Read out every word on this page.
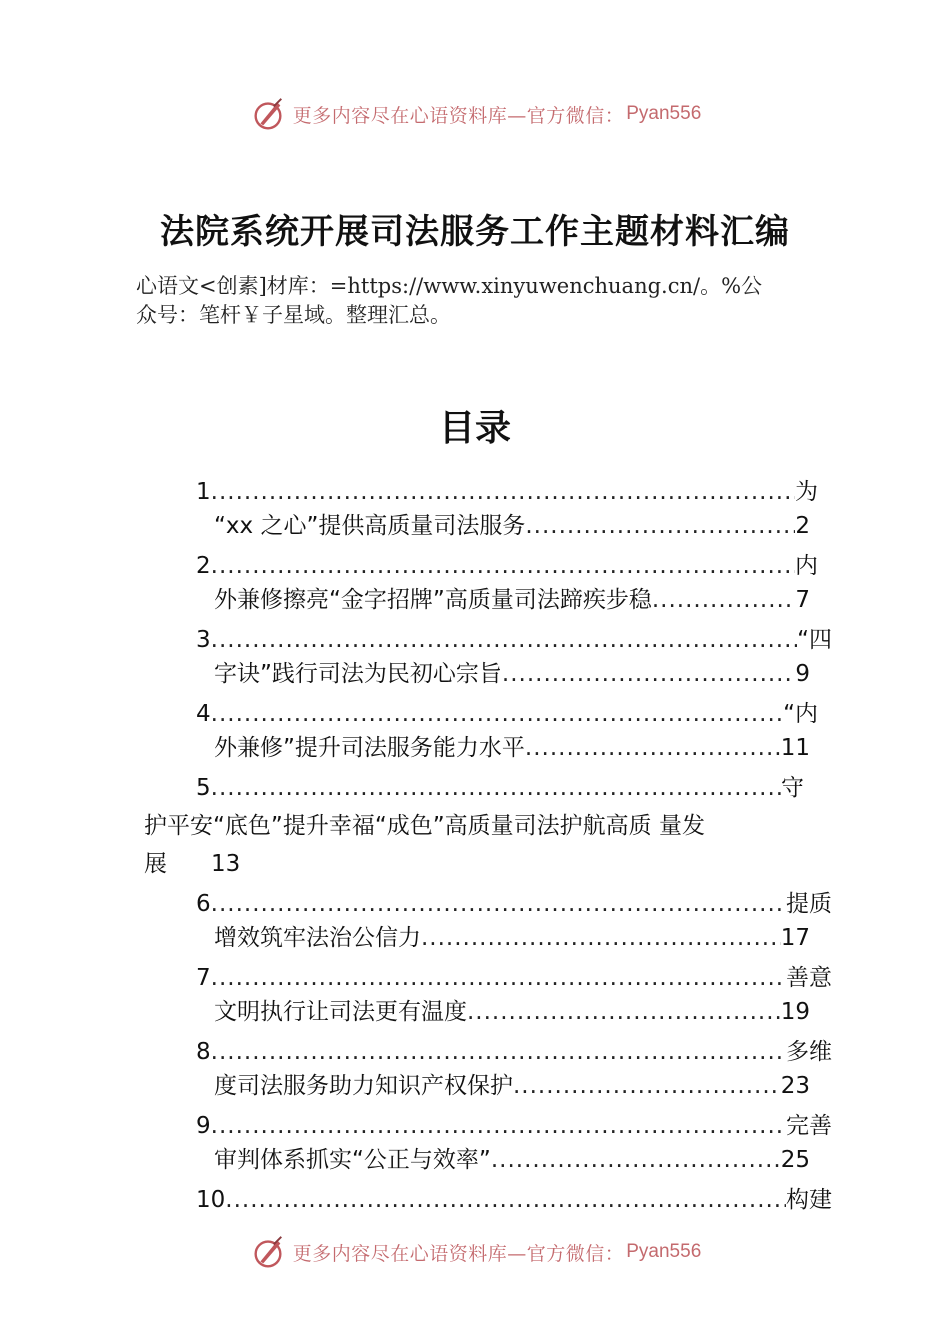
更多内容尽在心语资料库—官方微信： Pyan556
法院系统开展司法服务工作主题材料汇编
心语文<创素]材库：=https://www.xinyuwenchuang.cn/。%公
众号：笔杆￥子星域。整理汇总。
目录
1 .....	为
“xx 之心”提供高质量司法服务 .....	2
2 .....	内
外兼修擦亮“金字招牌”高质量司法蹄疾步稳 .....	7
3 .....	“四
字诀”践行司法为民初心宗旨 .....	9
4 .....	“内
外兼修”提升司法服务能力水平 .....	11
5 .....	守
护平安“底色”提升幸福“成色”高质量司法护航高质 量发
展 13
6 .....	提质
增效筑牢法治公信力 .....	17
7 .....	善意
文明执行让司法更有温度 .....	19
8 .....	多维
度司法服务助力知识产权保护 .....	23
9 .....	完善
审判体系抓实“公正与效率” .....	25
10 .....	构建
更多内容尽在心语资料库—官方微信： Pyan556
